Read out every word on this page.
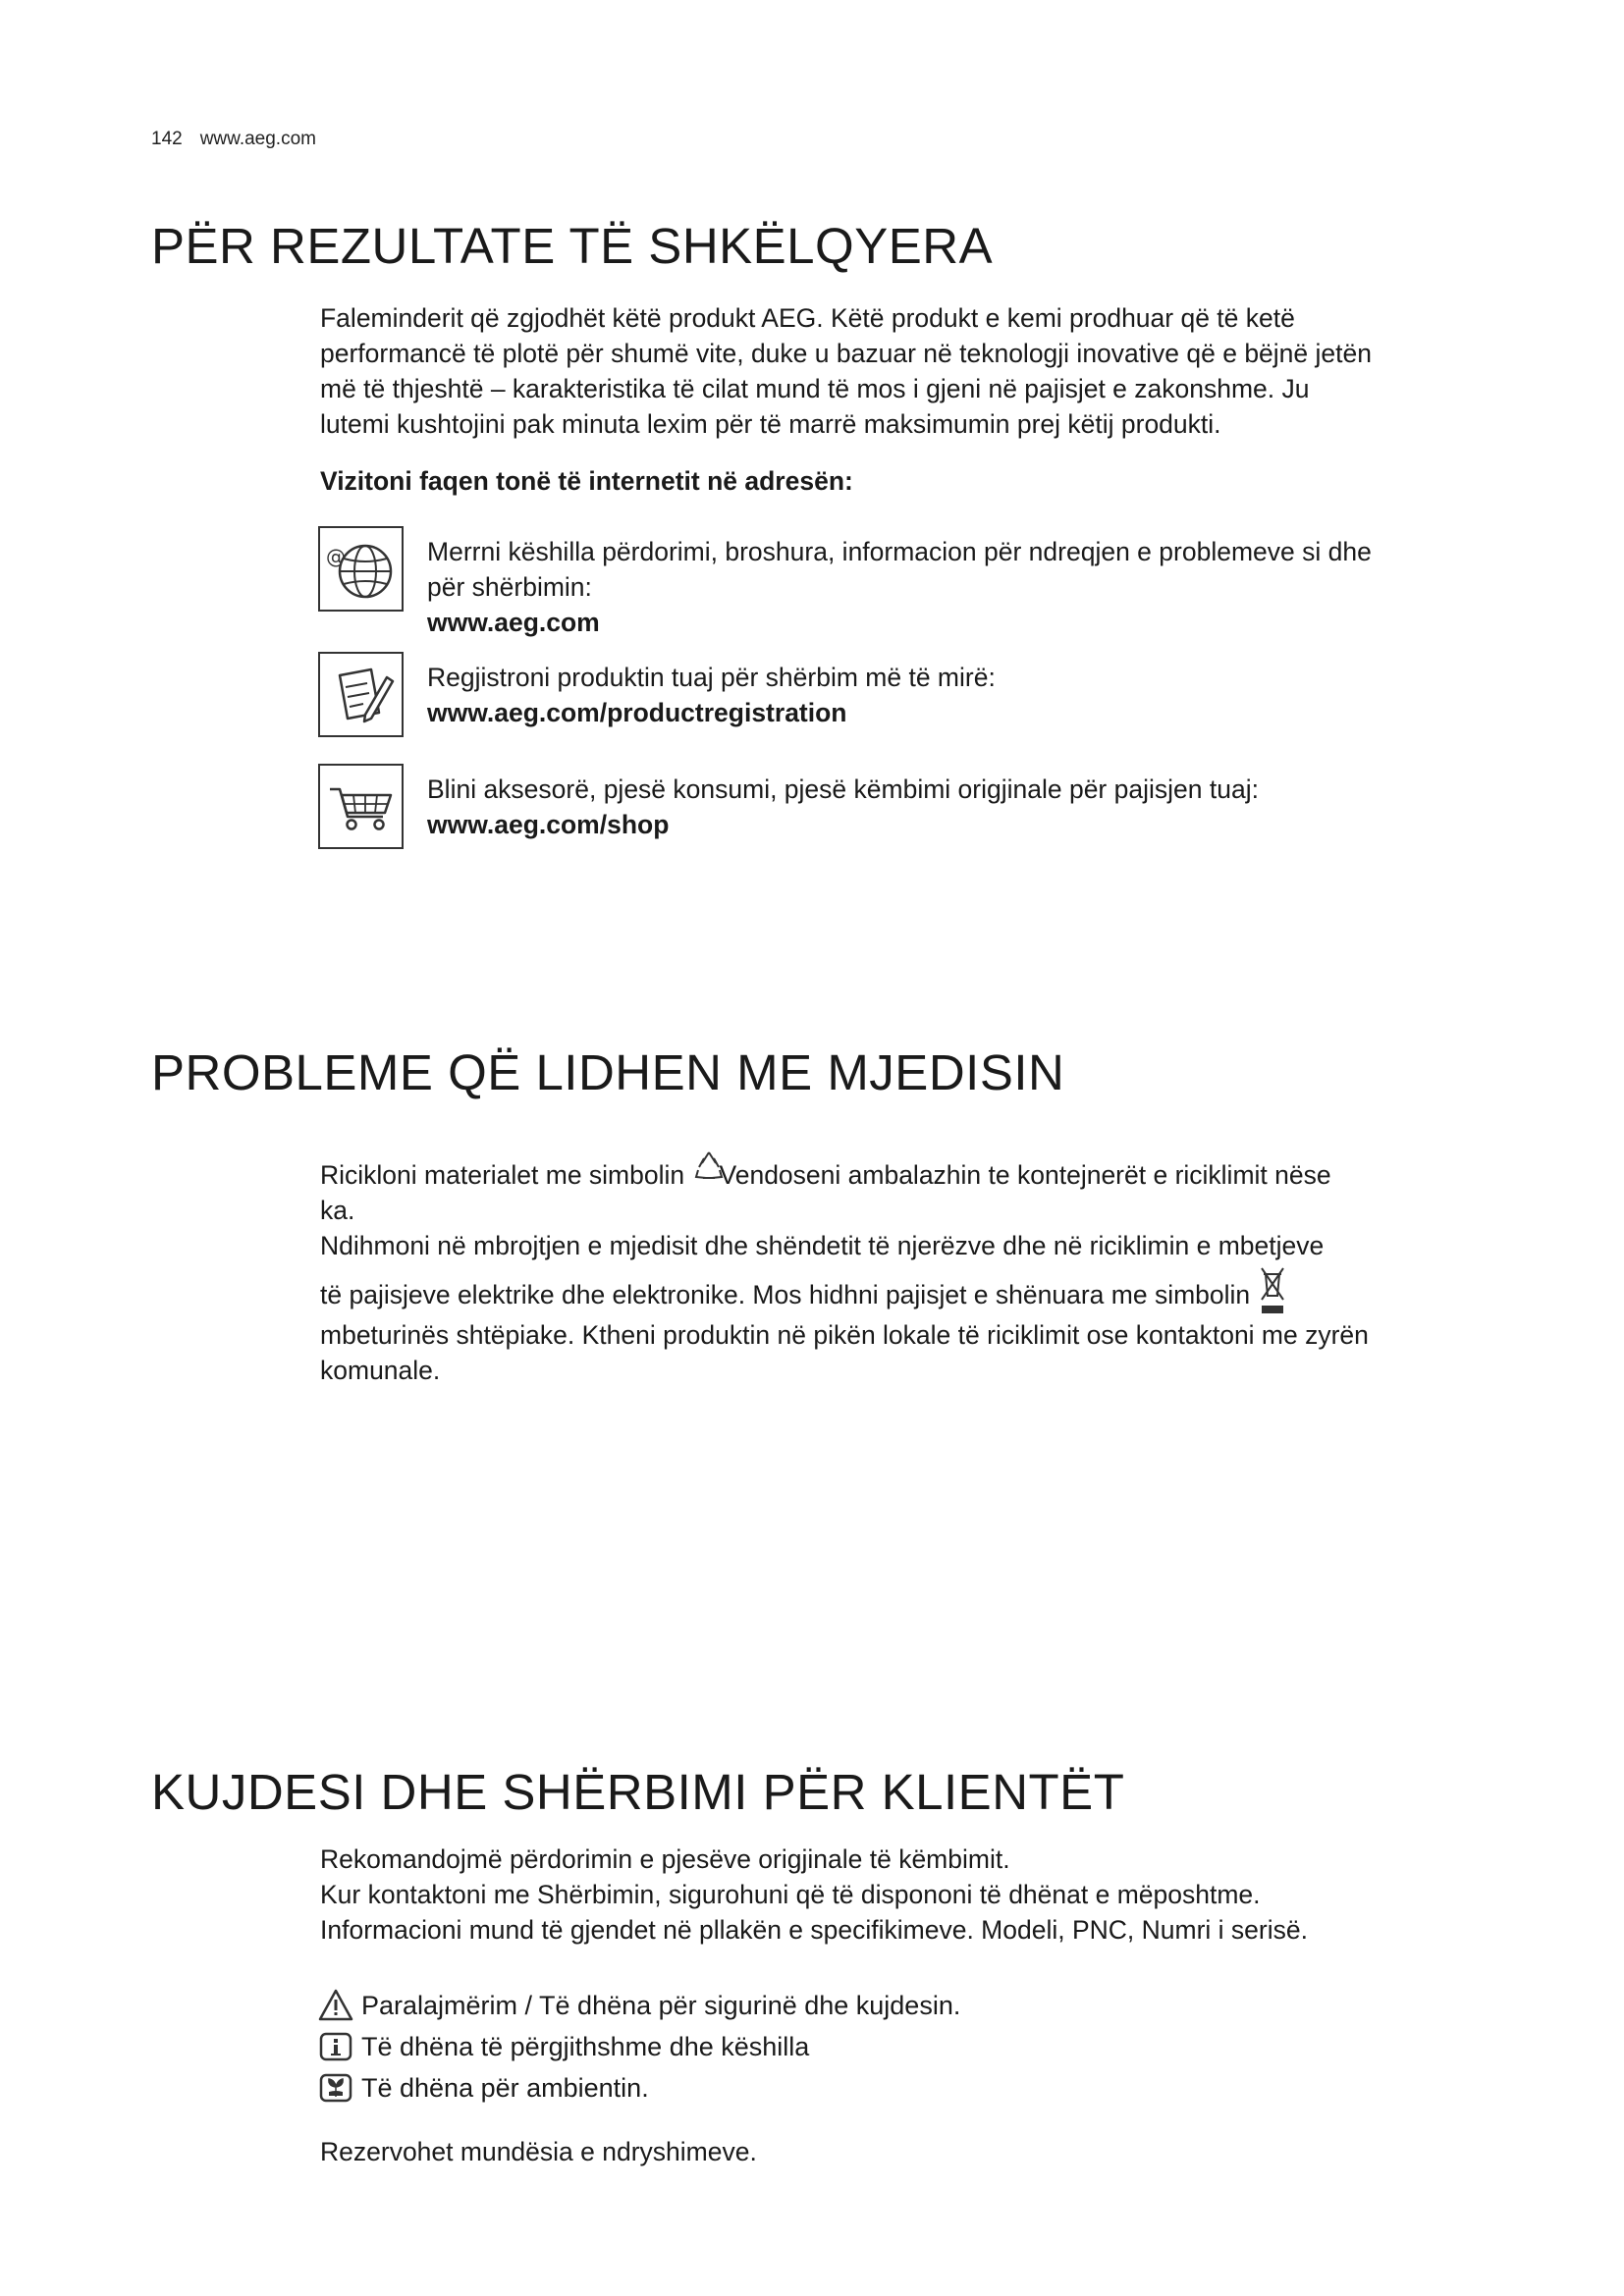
142 www.aeg.com
PËR REZULTATE TË SHKËLQYERA

Faleminderit që zgjodhët këtë produkt AEG. Këtë produkt e kemi prodhuar që të ketë

performancë të plotë për shumë vite, duke u bazuar në teknologji inovative që e bëjnë jetën

më të thjeshtë – karakteristika të cilat mund të mos i gjeni në pajisjet e zakonshme. Ju

lutemi kushtojini pak minuta lexim për të marrë maksimumin prej këtij produkti.

Vizitoni faqen tonë të internetit në adresën:
@	Merrni këshilla përdorimi, broshura, informacion për ndreqjen e problemeve si dhe
për shërbimin:
www.aeg.com
Regjistroni produktin tuaj për shërbim më të mirë:
www.aeg.com/productregistration
Blini aksesorë, pjesë konsumi, pjesë këmbimi origjinale për pajisjen tuaj:
www.aeg.com/shop
PROBLEME QË LIDHEN ME MJEDISIN

Ricikloni materialet me simbolin Vendoseni ambalazhin te kontejnerët e riciklimit nëse

ka.

Ndihmoni në mbrojtjen e mjedisit dhe shëndetit të njerëzve dhe në riciklimin e mbetjeve

të pajisjeve elektrike dhe elektronike. Mos hidhni pajisjet e shënuara me simbolin

mbeturinës shtëpiake. Ktheni produktin në pikën lokale të riciklimit ose kontaktoni me zyrën

komunale.

KUJDESI DHE SHËRBIMI PËR KLIENTËT

Rekomandojmë përdorimin e pjesëve origjinale të këmbimit.

Kur kontaktoni me Shërbimin, sigurohuni që të dispononi të dhënat e mëposhtme.

Informacioni mund të gjendet në pllakën e specifikimeve. Modeli, PNC, Numri i serisë.

Paralajmërim / Të dhëna për sigurinë dhe kujdesin.
Të dhëna të përgjithshme dhe këshilla
Të dhëna për ambientin.
Rezervohet mundësia e ndryshimeve.
